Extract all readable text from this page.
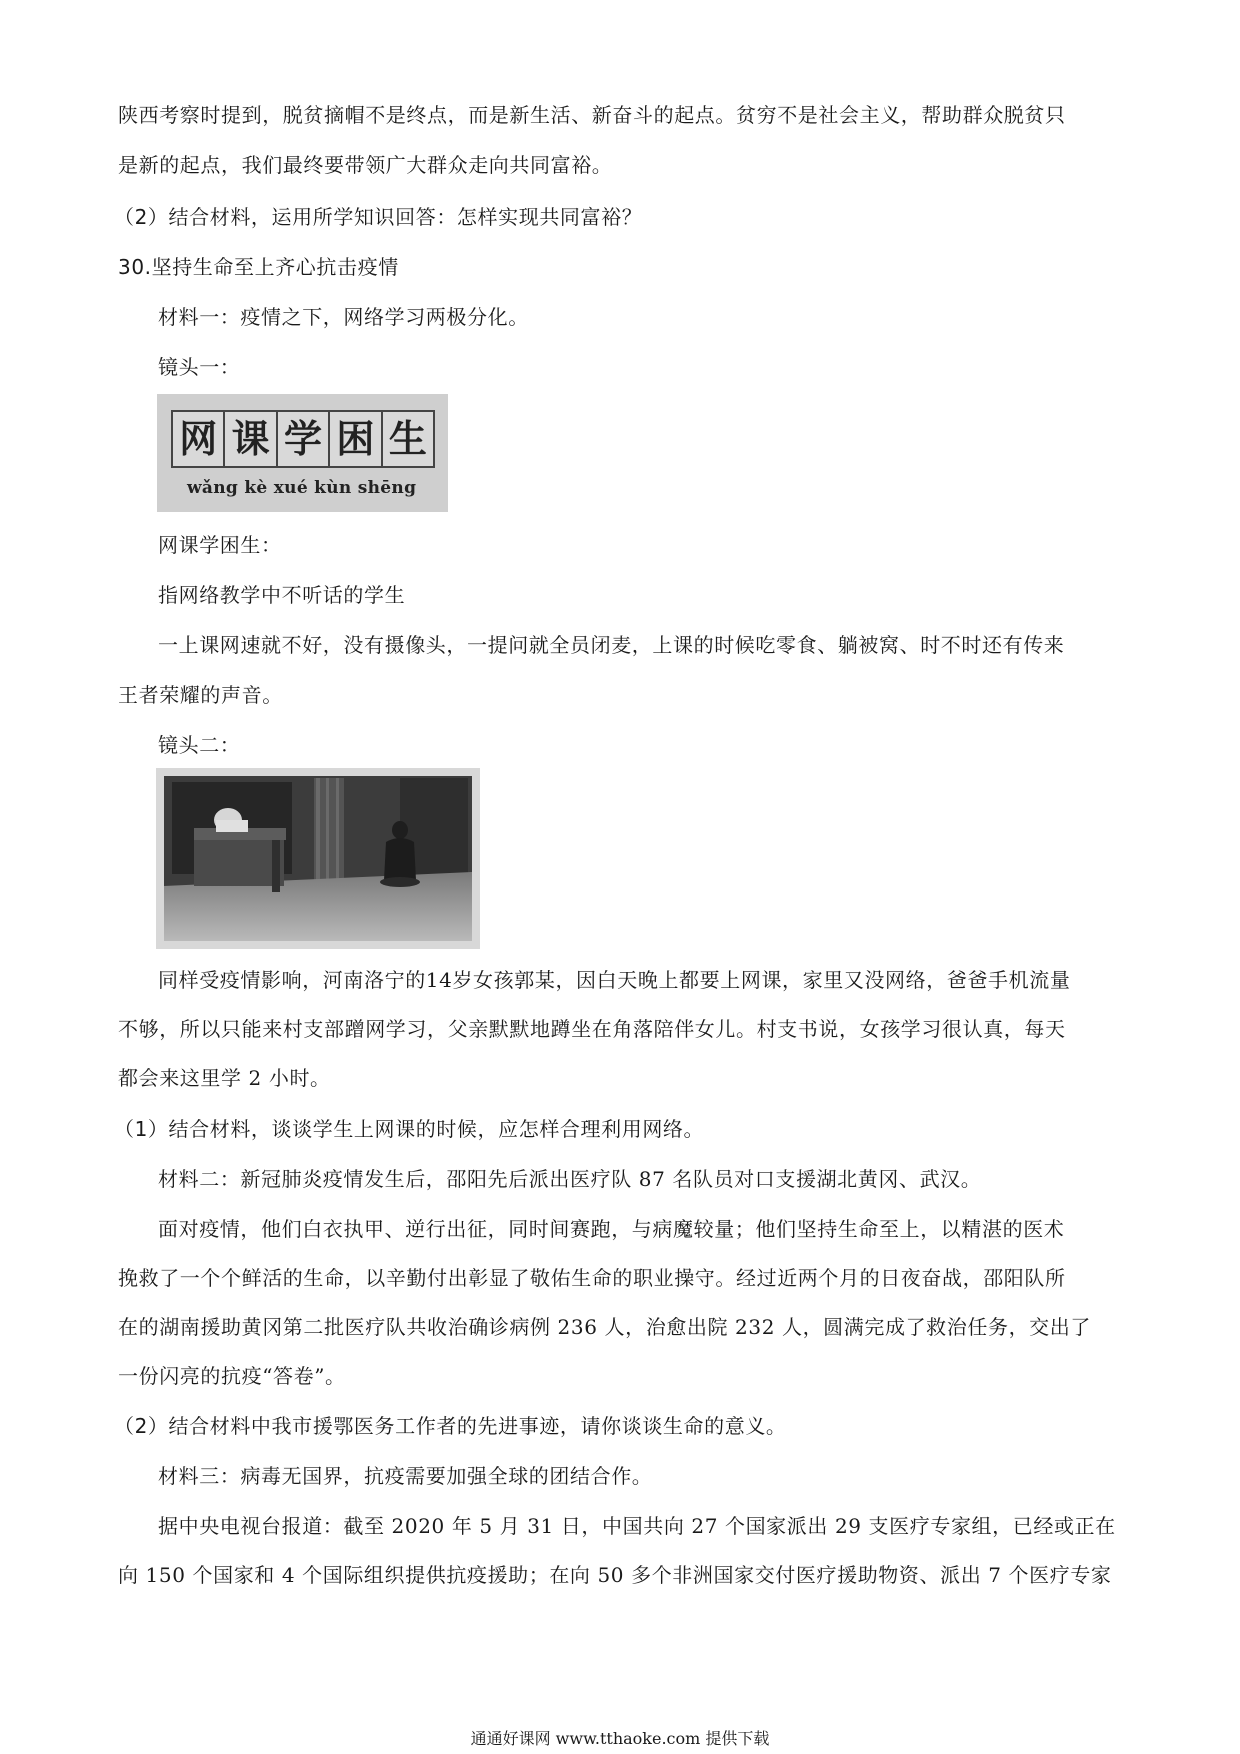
陕西考察时提到，脱贫摘帽不是终点，而是新生活、新奋斗的起点。贫穷不是社会主义，帮助群众脱贫只
是新的起点，我们最终要带领广大群众走向共同富裕。
（2）结合材料，运用所学知识回答：怎样实现共同富裕？
30.坚持生命至上齐心抗击疫情
材料一：疫情之下，网络学习两极分化。
镜头一：
网 课 学 困 生
wǎng kè xué kùn shēng
网课学困生：
指网络教学中不听话的学生
一上课网速就不好，没有摄像头，一提问就全员闭麦，上课的时候吃零食、躺被窝、时不时还有传来
王者荣耀的声音。
镜头二：
同样受疫情影响，河南洛宁的14岁女孩郭某，因白天晚上都要上网课，家里又没网络，爸爸手机流量
不够，所以只能来村支部蹭网学习，父亲默默地蹲坐在角落陪伴女儿。村支书说，女孩学习很认真，每天
都会来这里学 2 小时。
（1）结合材料，谈谈学生上网课的时候，应怎样合理利用网络。
材料二：新冠肺炎疫情发生后，邵阳先后派出医疗队 87 名队员对口支援湖北黄冈、武汉。
面对疫情，他们白衣执甲、逆行出征，同时间赛跑，与病魔较量；他们坚持生命至上，以精湛的医术
挽救了一个个鲜活的生命，以辛勤付出彰显了敬佑生命的职业操守。经过近两个月的日夜奋战，邵阳队所
在的湖南援助黄冈第二批医疗队共收治确诊病例 236 人，治愈出院 232 人，圆满完成了救治任务，交出了
一份闪亮的抗疫“答卷”。
（2）结合材料中我市援鄂医务工作者的先进事迹，请你谈谈生命的意义。
材料三：病毒无国界，抗疫需要加强全球的团结合作。
据中央电视台报道：截至 2020 年 5 月 31 日，中国共向 27 个国家派出 29 支医疗专家组，已经或正在
向 150 个国家和 4 个国际组织提供抗疫援助；在向 50 多个非洲国家交付医疗援助物资、派出 7 个医疗专家
通通好课网 www.tthaoke.com 提供下载
